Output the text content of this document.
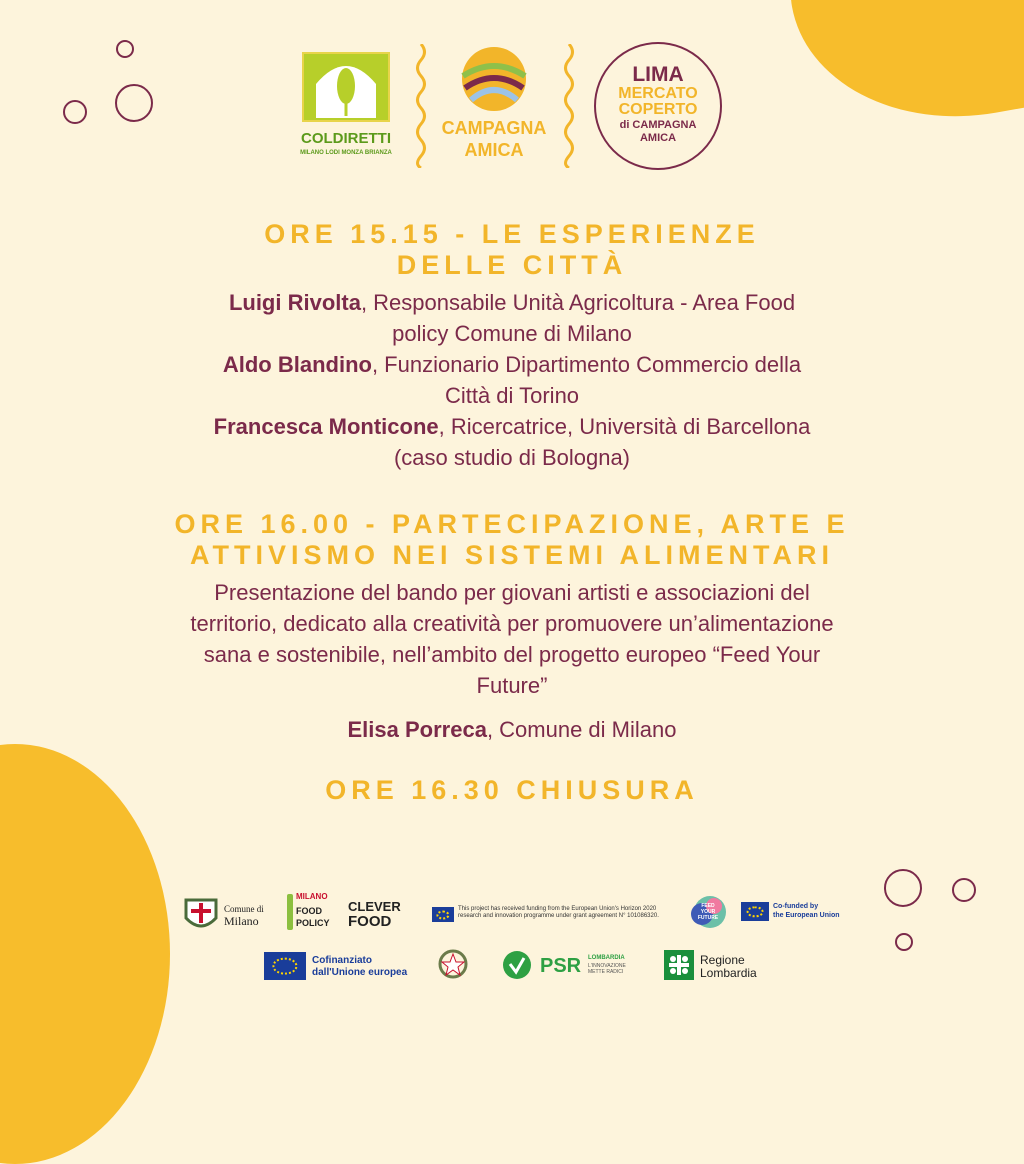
COLDIRETTI
MILANO LODI MONZA BRIANZA
CAMPAGNA
AMICA
LIMA
MERCATO
COPERTO
di CAMPAGNA
AMICA
ORE 15.15 - LE ESPERIENZE
DELLE CITTÀ
Luigi Rivolta, Responsabile Unità Agricoltura - Area Food
policy Comune di Milano
Aldo Blandino, Funzionario Dipartimento Commercio della
Città di Torino
Francesca Monticone, Ricercatrice, Università di Barcellona
(caso studio di Bologna)
ORE 16.00 - PARTECIPAZIONE, ARTE E
ATTIVISMO NEI SISTEMI ALIMENTARI
Presentazione del bando per giovani artisti e associazioni del
territorio, dedicato alla creatività per promuovere un’alimentazione
sana e sostenibile, nell’ambito del progetto europeo “Feed Your
Future”
Elisa Porreca, Comune di Milano
ORE 16.30 CHIUSURA
Comune di
Milano
MILANO
FOOD
POLICY
CLEVER
FOOD
This project has received funding from the European Union's Horizon 2020 research and innovation programme under grant agreement N° 101086320.
FEED
YOUR
FUTURE
Co-funded by
the European Union
Cofinanziato
dall'Unione europea	PSR LOMBARDIA
L'INNOVAZIONE
METTE RADICI
Regione
Lombardia
